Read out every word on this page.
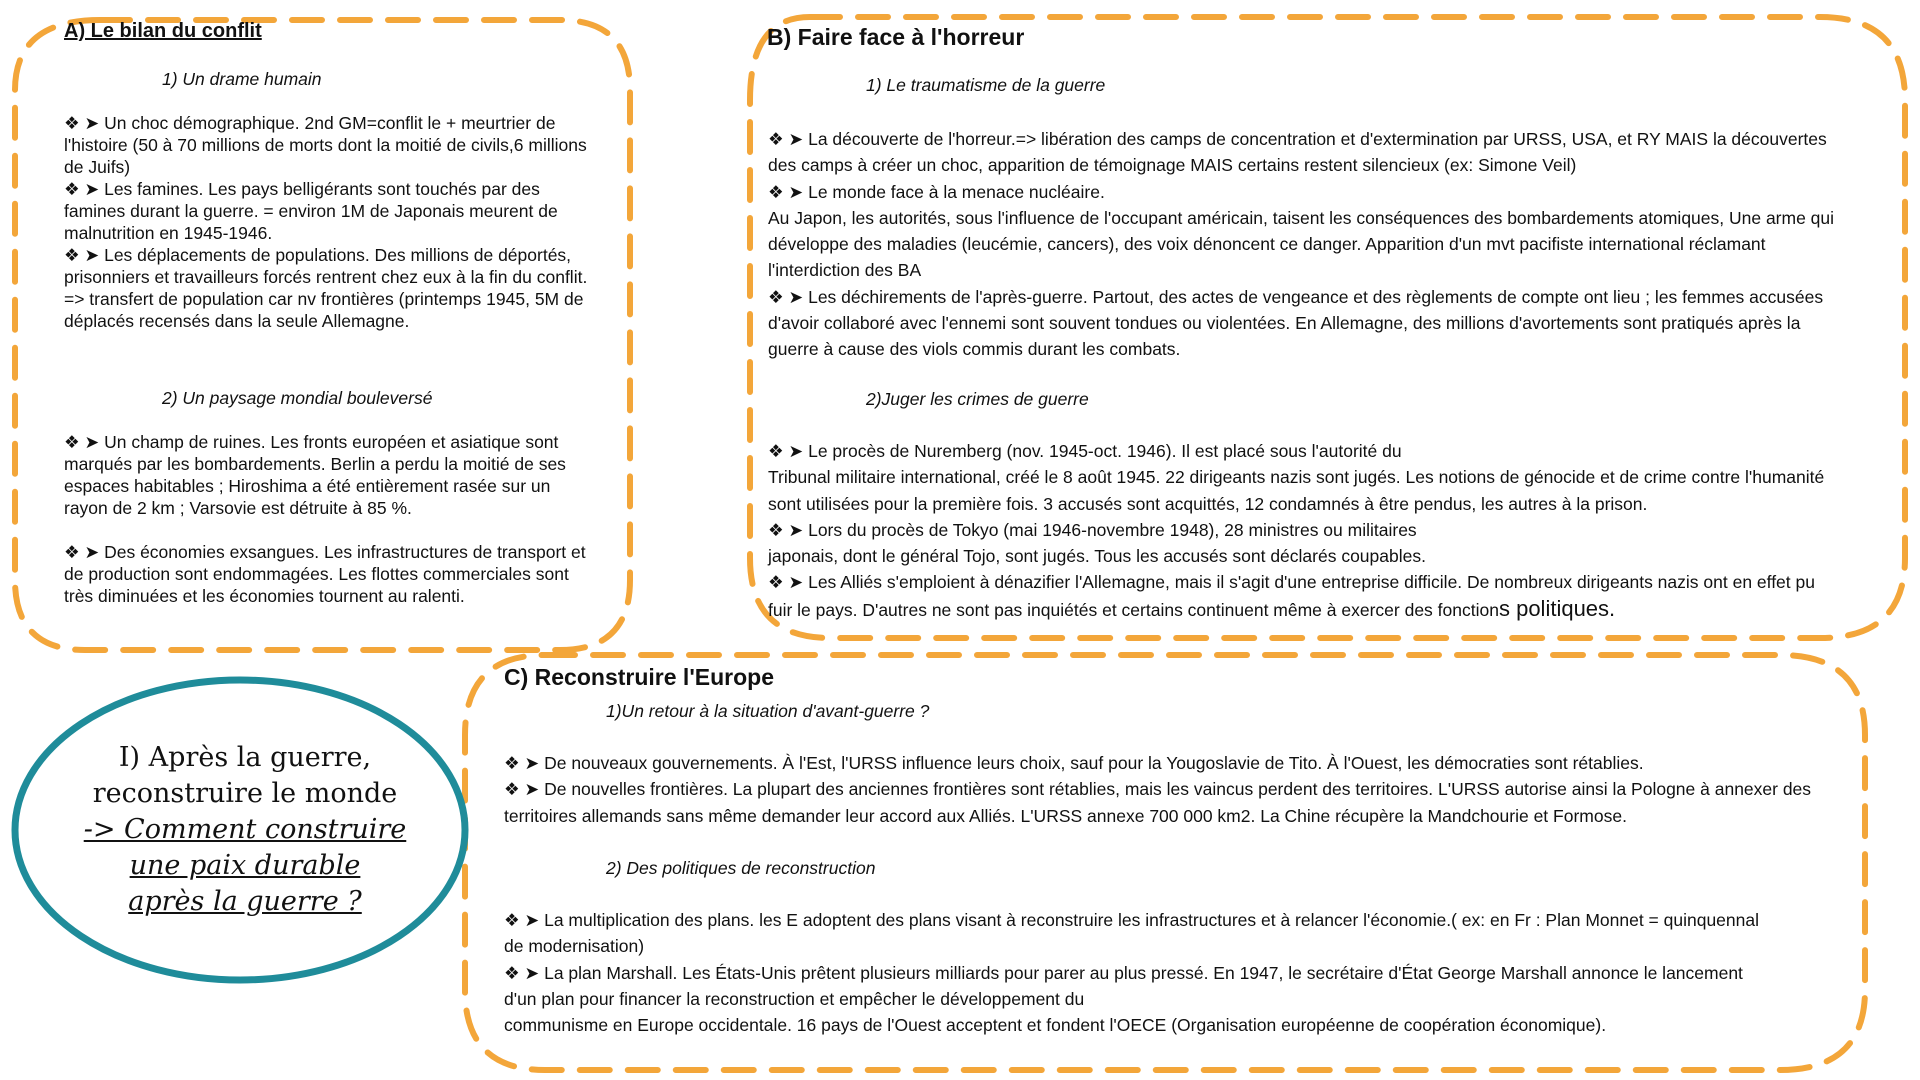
A) Le bilan du conflit
1) Un drame humain

❖ ➤ Un choc démographique. 2nd GM=conflit le + meurtrier de l'histoire (50 à 70 millions de morts dont la moitié de civils,6 millions de Juifs)

❖ ➤ Les famines. Les pays belligérants sont touchés par des famines durant la guerre. = environ 1M de Japonais meurent de malnutrition en 1945-1946.

❖ ➤ Les déplacements de populations. Des millions de déportés, prisonniers et travailleurs forcés rentrent chez eux à la fin du conflit. => transfert de population car nv frontières (printemps 1945, 5M de déplacés recensés dans la seule Allemagne.

2) Un paysage mondial bouleversé

❖ ➤ Un champ de ruines. Les fronts européen et asiatique sont marqués par les bombardements. Berlin a perdu la moitié de ses

espaces habitables ; Hiroshima a été entièrement rasée sur un rayon de 2 km ; Varsovie est détruite à 85 %.

❖ ➤ Des économies exsangues. Les infrastructures de transport et de production sont endommagées. Les flottes commerciales sont très diminuées et les économies tournent au ralenti.

B) Faire face à l'horreur
1) Le traumatisme de la guerre

❖ ➤ La découverte de l'horreur.=> libération des camps de concentration et d'extermination par URSS, USA, et RY MAIS la découvertes des camps à créer un choc, apparition de témoignage MAIS certains restent silencieux (ex: Simone Veil)

❖ ➤ Le monde face à la menace nucléaire.

Au Japon, les autorités, sous l'influence de l'occupant américain, taisent les conséquences des bombardements atomiques, Une arme qui développe des maladies (leucémie, cancers), des voix dénoncent ce danger. Apparition d'un mvt pacifiste international réclamant l'interdiction des BA

❖ ➤ Les déchirements de l'après-guerre. Partout, des actes de vengeance et des règlements de compte ont lieu ; les femmes accusées d'avoir collaboré avec l'ennemi sont souvent tondues ou violentées. En Allemagne, des millions d'avortements sont pratiqués après la guerre à cause des viols commis durant les combats.

2)Juger les crimes de guerre

❖ ➤ Le procès de Nuremberg (nov. 1945-oct. 1946). Il est placé sous l'autorité du

Tribunal militaire international, créé le 8 août 1945. 22 dirigeants nazis sont jugés. Les notions de génocide et de crime contre l'humanité sont utilisées pour la première fois. 3 accusés sont acquittés, 12 condamnés à être pendus, les autres à la prison.

❖ ➤ Lors du procès de Tokyo (mai 1946-novembre 1948), 28 ministres ou militaires

japonais, dont le général Tojo, sont jugés. Tous les accusés sont déclarés coupables.

❖ ➤ Les Alliés s'emploient à dénazifier l'Allemagne, mais il s'agit d'une entreprise difficile. De nombreux dirigeants nazis ont en effet pu fuir le pays. D'autres ne sont pas inquiétés et certains continuent même à exercer des fonctions politiques.

C) Reconstruire l'Europe
1)Un retour à la situation d'avant-guerre ?

❖ ➤ De nouveaux gouvernements. À l'Est, l'URSS influence leurs choix, sauf pour la Yougoslavie de Tito. À l'Ouest, les démocraties sont rétablies.

❖ ➤ De nouvelles frontières. La plupart des anciennes frontières sont rétablies, mais les vaincus perdent des territoires. L'URSS autorise ainsi la Pologne à annexer des territoires allemands sans même demander leur accord aux Alliés. L'URSS annexe 700 000 km2. La Chine récupère la Mandchourie et Formose.

2) Des politiques de reconstruction

❖ ➤ La multiplication des plans. les E adoptent des plans visant à reconstruire les infrastructures et à relancer l'économie.( ex: en Fr : Plan Monnet = quinquennal de modernisation)

❖ ➤ La plan Marshall. Les États-Unis prêtent plusieurs milliards pour parer au plus pressé. En 1947, le secrétaire d'État George Marshall annonce le lancement d'un plan pour financer la reconstruction et empêcher le développement du

communisme en Europe occidentale. 16 pays de l'Ouest acceptent et fondent l'OECE (Organisation européenne de coopération économique).

I) Après la guerre,
reconstruire le monde
-> Comment construire
une paix durable
après la guerre ?
